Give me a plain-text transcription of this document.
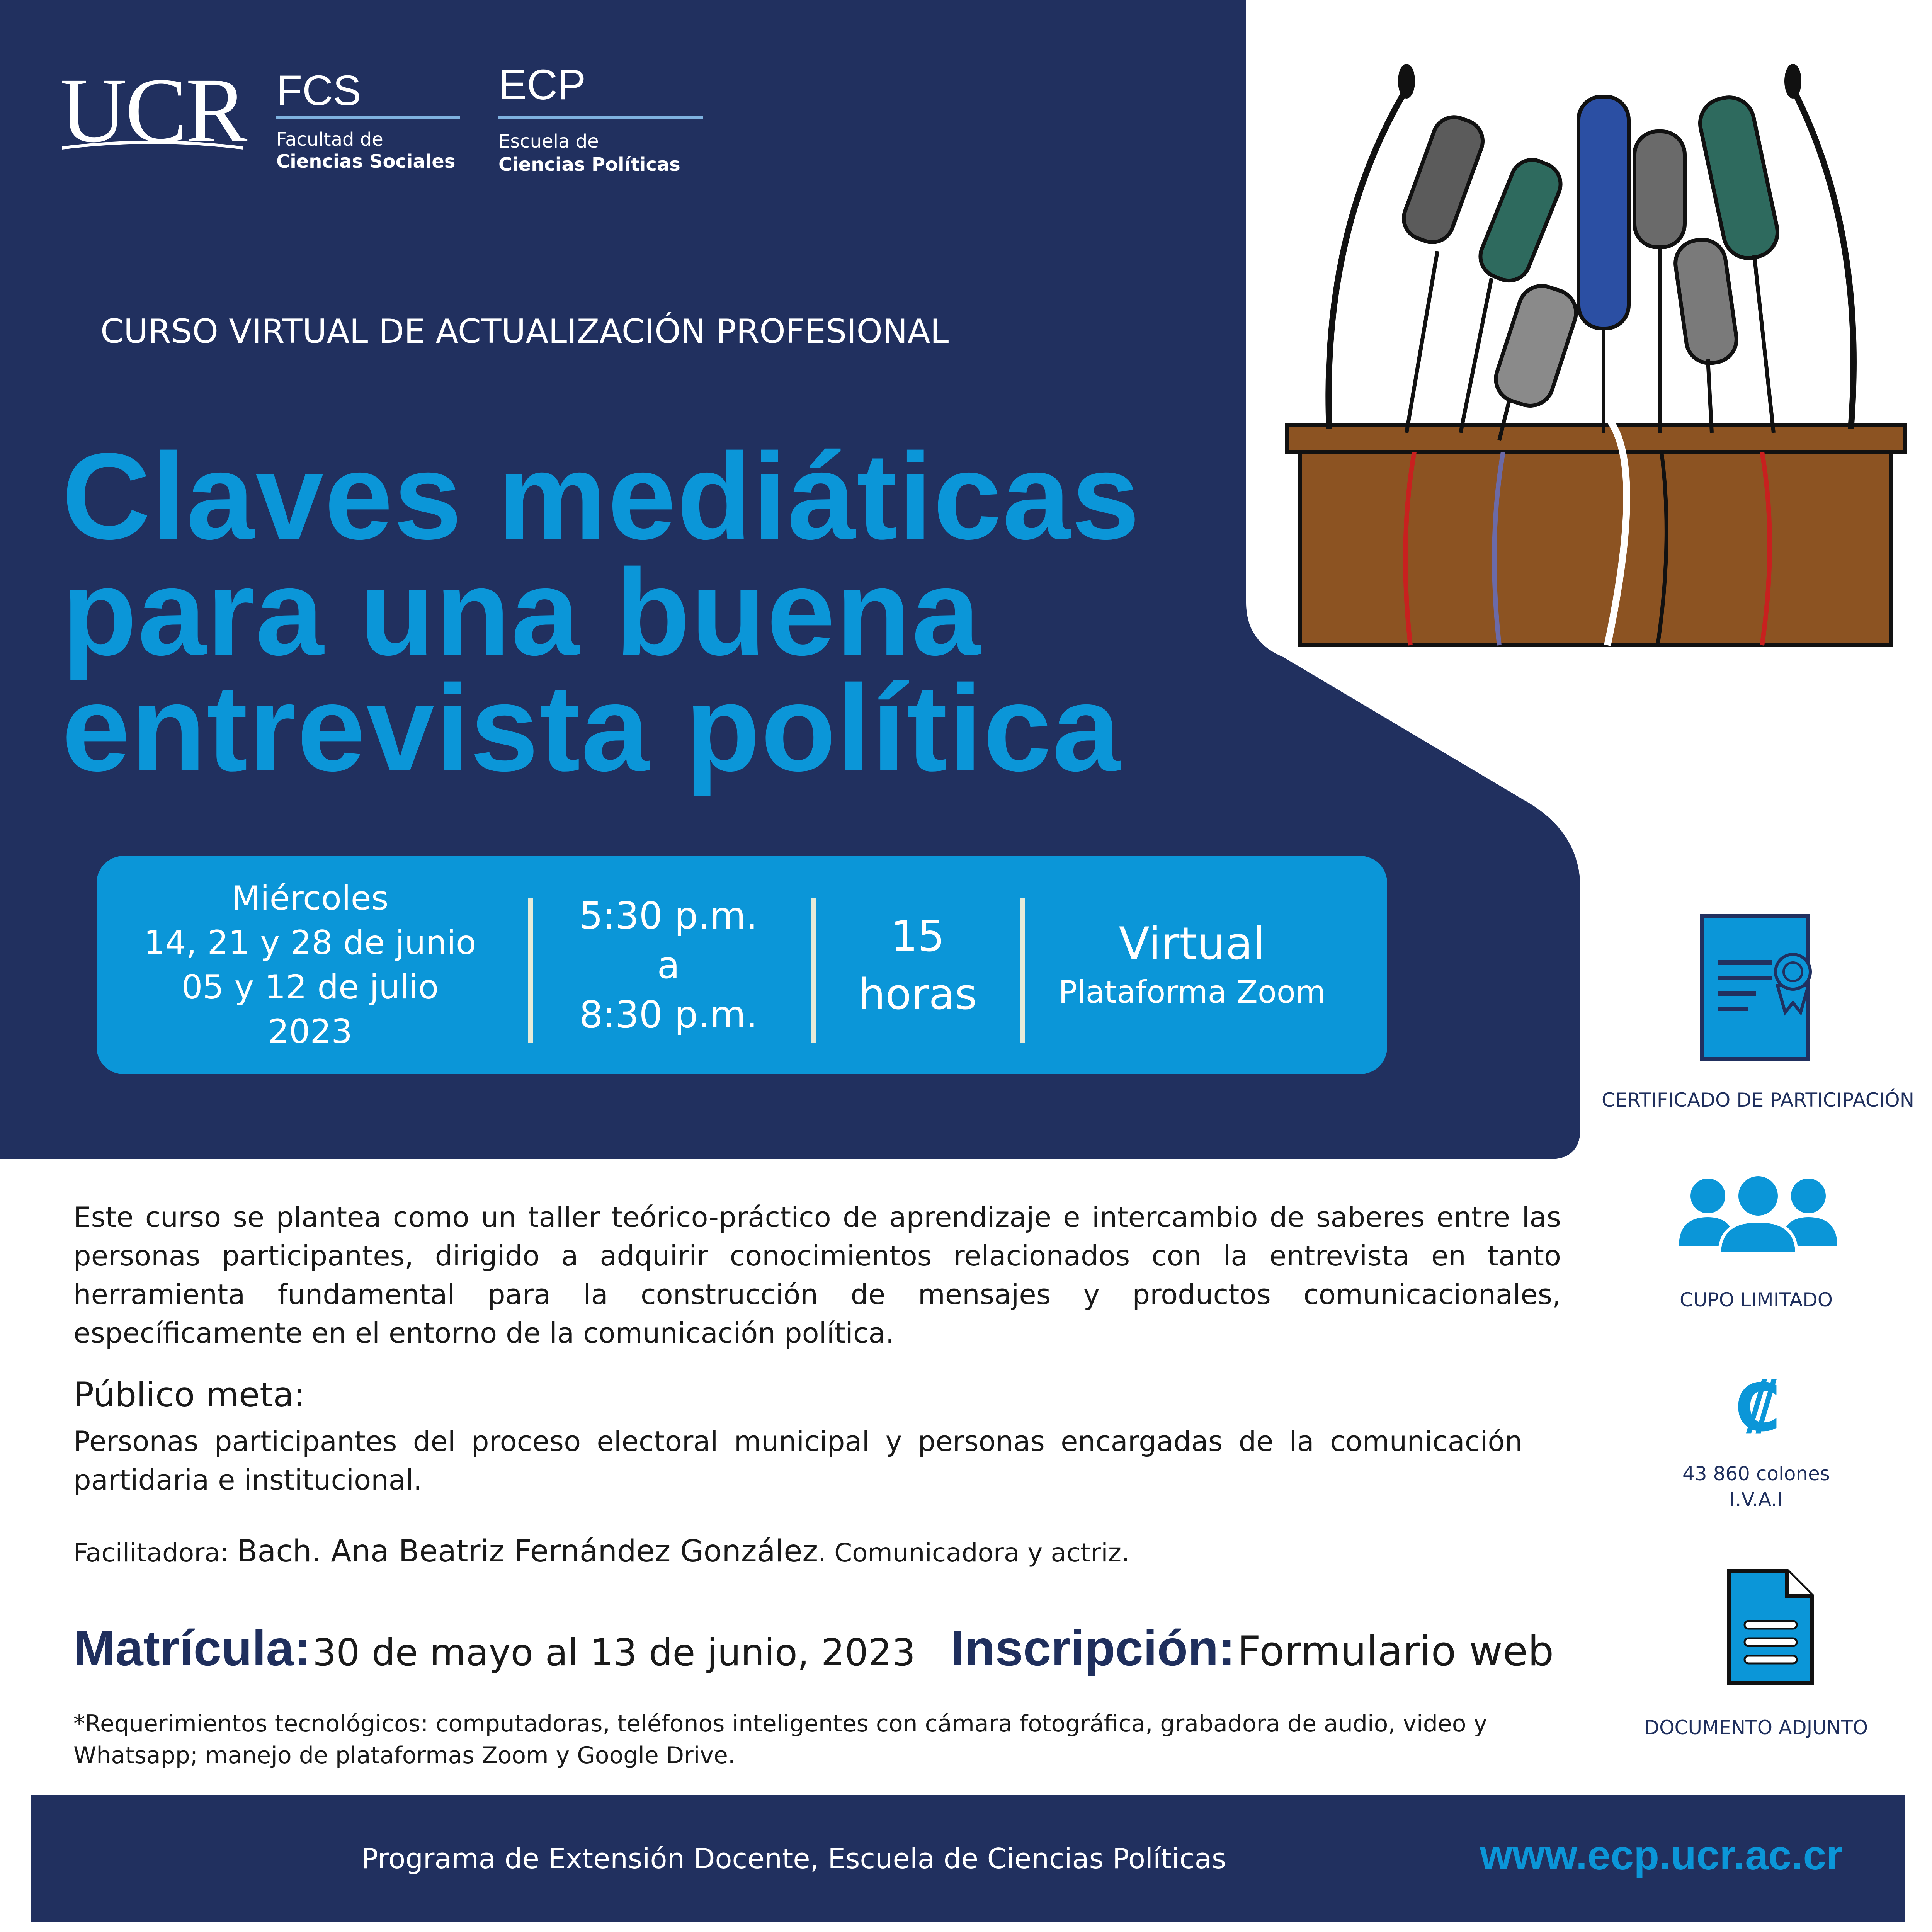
UCR FCS
Facultad de
Ciencias Sociales
ECP
Escuela de
Ciencias Políticas
CURSO VIRTUAL DE ACTUALIZACIÓN PROFESIONAL
Claves mediáticas
para una buena
entrevista política
Miércoles
14, 21 y 28 de junio
05 y 12 de julio
2023
5:30 p.m.
a
8:30 p.m.
15
horas
Virtual
Plataforma Zoom
CERTIFICADO DE PARTICIPACIÓN
CUPO LIMITADO
₡
43 860 colones
I.V.A.I
DOCUMENTO ADJUNTO
Este curso se plantea como un taller teórico-práctico de aprendizaje e intercambio de saberes entre las personas participantes, dirigido a adquirir conocimientos relacionados con la entrevista en tanto herramienta fundamental para la construcción de mensajes y productos comunicacionales, específicamente en el entorno de la comunicación política.
Público meta:
Personas participantes del proceso electoral municipal y personas encargadas de la comunicación partidaria e institucional.
Facilitadora: Bach. Ana Beatriz Fernández González. Comunicadora y actriz.
Matrícula: 30 de mayo al 13 de junio, 2023 Inscripción: Formulario web
*Requerimientos tecnológicos: computadoras, teléfonos inteligentes con cámara fotográfica, grabadora de audio, video y Whatsapp; manejo de plataformas Zoom y Google Drive.
Programa de Extensión Docente, Escuela de Ciencias Políticas	www.ecp.ucr.ac.cr
